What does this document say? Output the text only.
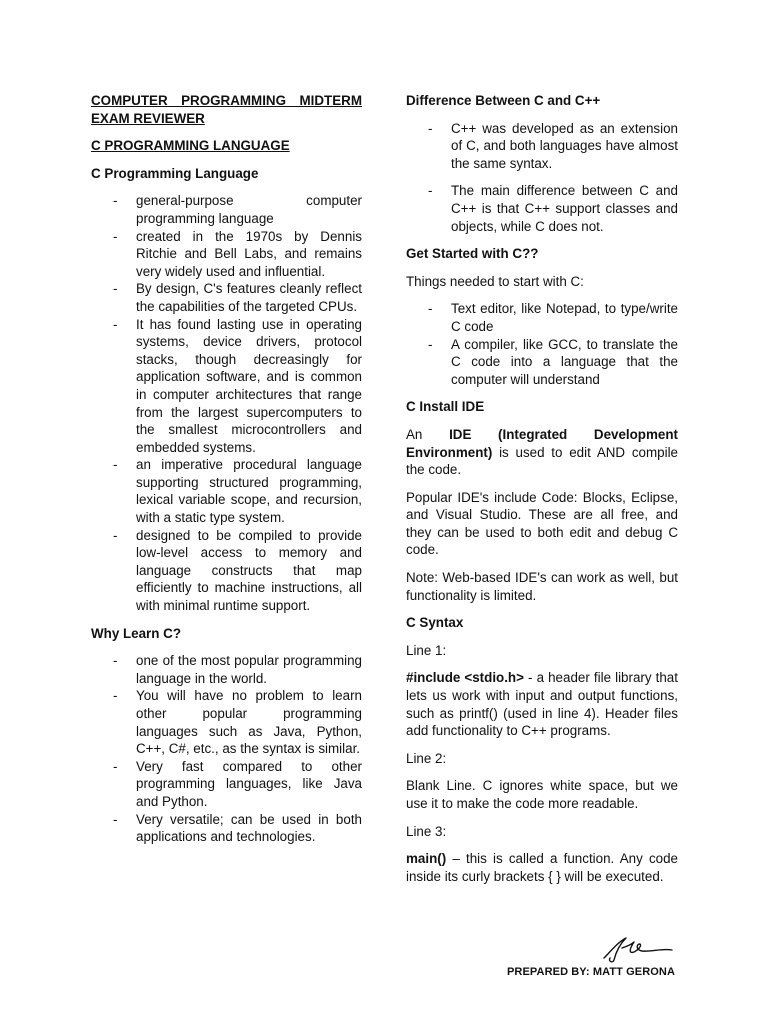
COMPUTER PROGRAMMING MIDTERM EXAM REVIEWER
C PROGRAMMING LANGUAGE
C Programming Language
- general-purpose computer programming language
- created in the 1970s by Dennis Ritchie and Bell Labs, and remains very widely used and influential.
- By design, C's features cleanly reflect the capabilities of the targeted CPUs.
- It has found lasting use in operating systems, device drivers, protocol stacks, though decreasingly for application software, and is common in computer architectures that range from the largest supercomputers to the smallest microcontrollers and embedded systems.
- an imperative procedural language supporting structured programming, lexical variable scope, and recursion, with a static type system.
- designed to be compiled to provide low-level access to memory and language constructs that map efficiently to machine instructions, all with minimal runtime support.
Why Learn C?
- one of the most popular programming language in the world.
- You will have no problem to learn other popular programming languages such as Java, Python, C++, C#, etc., as the syntax is similar.
- Very fast compared to other programming languages, like Java and Python.
- Very versatile; can be used in both applications and technologies.
Difference Between C and C++
- C++ was developed as an extension of C, and both languages have almost the same syntax.
- The main difference between C and C++ is that C++ support classes and objects, while C does not.
Get Started with C??
Things needed to start with C:
- Text editor, like Notepad, to type/write C code
- A compiler, like GCC, to translate the C code into a language that the computer will understand
C Install IDE
An IDE (Integrated Development Environment) is used to edit AND compile the code.
Popular IDE's include Code: Blocks, Eclipse, and Visual Studio. These are all free, and they can be used to both edit and debug C code.
Note: Web-based IDE's can work as well, but functionality is limited.
C Syntax
Line 1:
#include <stdio.h> - a header file library that lets us work with input and output functions, such as printf() (used in line 4). Header files add functionality to C++ programs.
Line 2:
Blank Line. C ignores white space, but we use it to make the code more readable.
Line 3:
main() – this is called a function. Any code inside its curly brackets { } will be executed.
PREPARED BY: MATT GERONA
